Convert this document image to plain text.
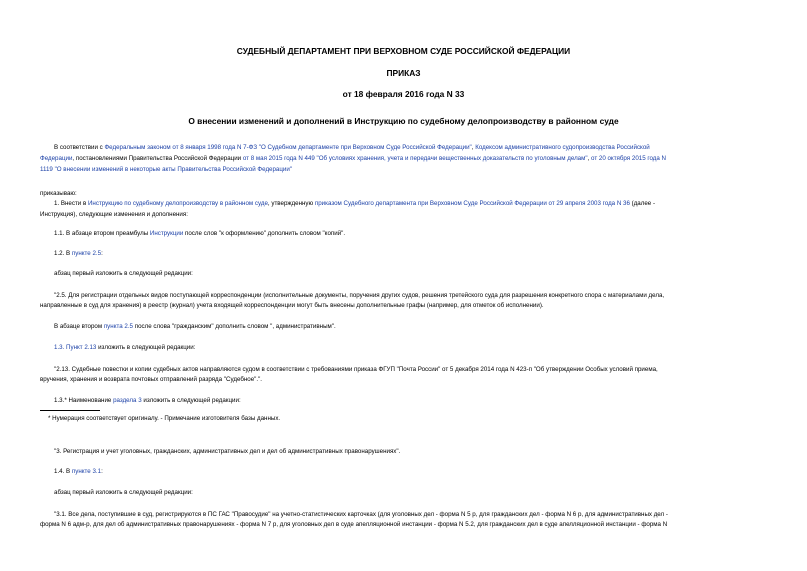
СУДЕБНЫЙ ДЕПАРТАМЕНТ ПРИ ВЕРХОВНОМ СУДЕ РОССИЙСКОЙ ФЕДЕРАЦИИ
ПРИКАЗ
от 18 февраля 2016 года N 33
О внесении изменений и дополнений в Инструкцию по судебному делопроизводству в районном суде
В соответствии с Федеральным законом от 8 января 1998 года N 7-ФЗ "О Судебном департаменте при Верховном Суде Российской Федерации", Кодексом административного судопроизводства Российской
Федерации, постановлениями Правительства Российской Федерации от 8 мая 2015 года N 449 "Об условиях хранения, учета и передачи вещественных доказательств по уголовным делам", от 20 октября 2015 года N
1119 "О внесении изменений в некоторые акты Правительства Российской Федерации"
приказываю:
1. Внести в Инструкцию по судебному делопроизводству в районном суде, утвержденную приказом Судебного департамента при Верховном Суде Российской Федерации от 29 апреля 2003 года N 36 (далее -
Инструкция), следующие изменения и дополнения:
1.1. В абзаце втором преамбулы Инструкции после слов "к оформлению" дополнить словом "копий".
1.2. В пункте 2.5:
абзац первый изложить в следующей редакции:
"2.5. Для регистрации отдельных видов поступающей корреспонденции (исполнительные документы, поручения других судов, решения третейского суда для разрешения конкретного спора с материалами дела,
направленные в суд для хранения) в реестр (журнал) учета входящей корреспонденции могут быть внесены дополнительные графы (например, для отметок об исполнении).
В абзаце втором пункта 2.5 после слова "гражданским" дополнить словом ", административным".
1.3. Пункт 2.13 изложить в следующей редакции:
"2.13. Судебные повестки и копии судебных актов направляются судом в соответствии с требованиями приказа ФГУП "Почта России" от 5 декабря 2014 года N 423-п "Об утверждении Особых условий приема,
вручения, хранения и возврата почтовых отправлений разряда "Судебное".".
1.3.* Наименование раздела 3 изложить в следующей редакции:
* Нумерация соответствует оригиналу. - Примечание изготовителя базы данных.
"3. Регистрация и учет уголовных, гражданских, административных дел и дел об административных правонарушениях".
1.4. В пункте 3.1:
абзац первый изложить в следующей редакции:
"3.1. Все дела, поступившие в суд, регистрируются в ПС ГАС "Правосудие" на учетно-статистических карточках (для уголовных дел - форма N 5 р, для гражданских дел - форма N 6 р, для административных дел -
форма N 6 адм-р, для дел об административных правонарушениях - форма N 7 р, для уголовных дел в суде апелляционной инстанции - форма N 5.2, для гражданских дел в суде апелляционной инстанции - форма N
